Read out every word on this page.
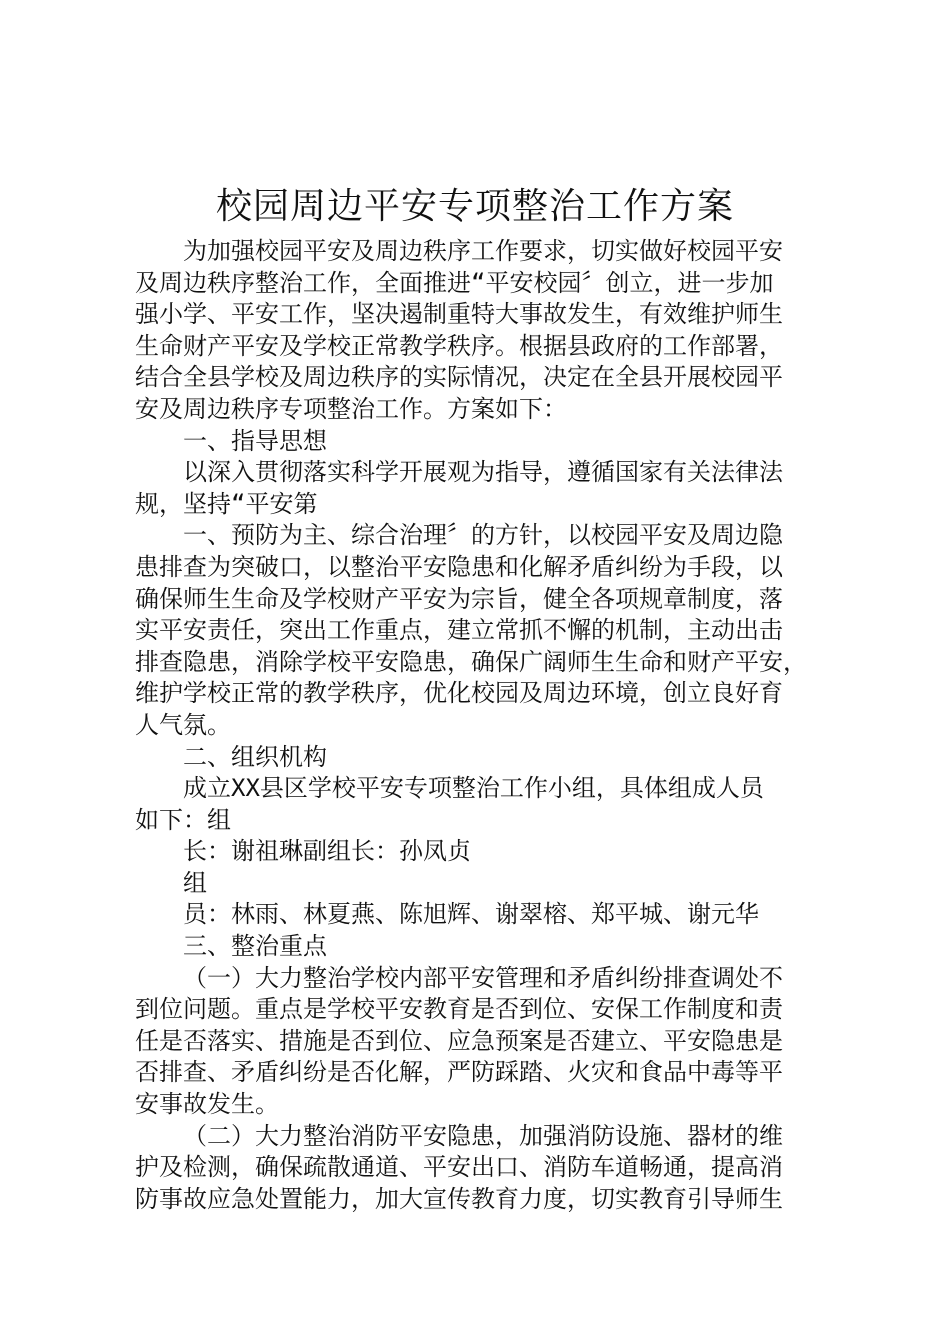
校园周边平安专项整治工作方案
为加强校园平安及周边秩序工作要求，切实做好校园平安
及周边秩序整治工作，全面推进“平安校园〞创立，进一步加
强小学、平安工作，坚决遏制重特大事故发生，有效维护师生
生命财产平安及学校正常教学秩序。根据县政府的工作部署，
结合全县学校及周边秩序的实际情况，决定在全县开展校园平
安及周边秩序专项整治工作。方案如下：
一、指导思想
以深入贯彻落实科学开展观为指导，遵循国家有关法律法
规，坚持“平安第
一、预防为主、综合治理〞的方针，以校园平安及周边隐
患排查为突破口，以整治平安隐患和化解矛盾纠纷为手段，以
确保师生生命及学校财产平安为宗旨，健全各项规章制度，落
实平安责任，突出工作重点，建立常抓不懈的机制，主动出击
排查隐患，消除学校平安隐患，确保广阔师生生命和财产平安，
维护学校正常的教学秩序，优化校园及周边环境，创立良好育
人气氛。
二、组织机构
成立XX县区学校平安专项整治工作小组，具体组成人员
如下：组
长：谢祖琳副组长：孙凤贞
组
员：林雨、林夏燕、陈旭辉、谢翠榕、郑平城、谢元华
三、整治重点
（一）大力整治学校内部平安管理和矛盾纠纷排查调处不
到位问题。重点是学校平安教育是否到位、安保工作制度和责
任是否落实、措施是否到位、应急预案是否建立、平安隐患是
否排查、矛盾纠纷是否化解，严防踩踏、火灾和食品中毒等平
安事故发生。
（二）大力整治消防平安隐患，加强消防设施、器材的维
护及检测，确保疏散通道、平安出口、消防车道畅通，提高消
防事故应急处置能力，加大宣传教育力度，切实教育引导师生
